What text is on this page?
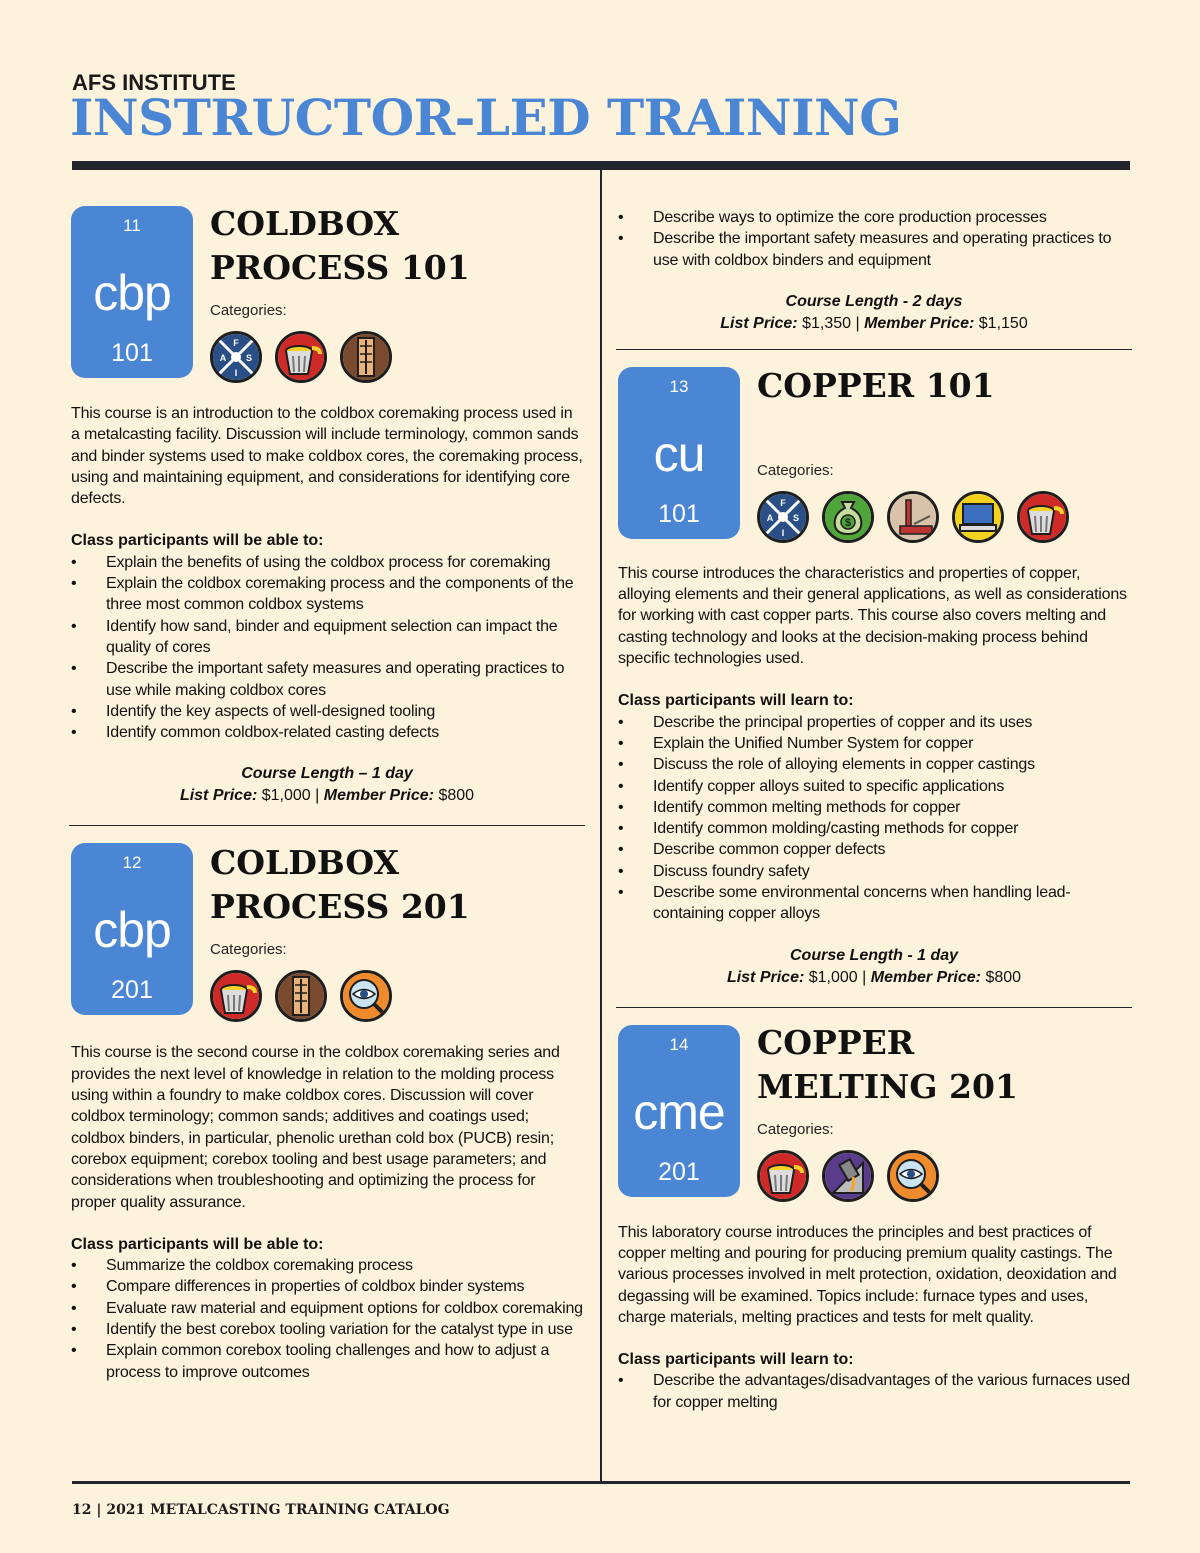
AFS INSTITUTE
INSTRUCTOR-LED TRAINING
11
cbp
101
COLDBOX
PROCESS 101
Categories:
This course is an introduction to the coldbox coremaking process used in a metalcasting facility. Discussion will include terminology, common sands and binder systems used to make coldbox cores, the coremaking process, using and maintaining equipment, and considerations for identifying core defects.
Class participants will be able to:
• Explain the benefits of using the coldbox process for coremaking
• Explain the coldbox coremaking process and the components of the three most common coldbox systems
• Identify how sand, binder and equipment selection can impact the quality of cores
• Describe the important safety measures and operating practices to use while making coldbox cores
• Identify the key aspects of well-designed tooling
• Identify common coldbox-related casting defects
Course Length – 1 day
List Price: $1,000 | Member Price: $800
12
cbp
201
COLDBOX
PROCESS 201
Categories:
This course is the second course in the coldbox coremaking series and provides the next level of knowledge in relation to the molding process using within a foundry to make coldbox cores. Discussion will cover coldbox terminology; common sands; additives and coatings used; coldbox binders, in particular, phenolic urethan cold box (PUCB) resin; corebox equipment; corebox tooling and best usage parameters; and considerations when troubleshooting and optimizing the process for proper quality assurance.
Class participants will be able to:
• Summarize the coldbox coremaking process
• Compare differences in properties of coldbox binder systems
• Evaluate raw material and equipment options for coldbox coremaking
• Identify the best corebox tooling variation for the catalyst type in use
• Explain common corebox tooling challenges and how to adjust a process to improve outcomes
• Describe ways to optimize the core production processes
• Describe the important safety measures and operating practices to use with coldbox binders and equipment
Course Length - 2 days
List Price: $1,350 | Member Price: $1,150
13
cu
101
COPPER 101
Categories:
This course introduces the characteristics and properties of copper, alloying elements and their general applications, as well as considerations for working with cast copper parts. This course also covers melting and casting technology and looks at the decision-making process behind specific technologies used.
Class participants will learn to:
• Describe the principal properties of copper and its uses
• Explain the Unified Number System for copper
• Discuss the role of alloying elements in copper castings
• Identify copper alloys suited to specific applications
• Identify common melting methods for copper
• Identify common molding/casting methods for copper
• Describe common copper defects
• Discuss foundry safety
• Describe some environmental concerns when handling lead-containing copper alloys
Course Length - 1 day
List Price: $1,000 | Member Price: $800
14
cme
201
COPPER
MELTING 201
Categories:
This laboratory course introduces the principles and best practices of copper melting and pouring for producing premium quality castings. The various processes involved in melt protection, oxidation, deoxidation and degassing will be examined. Topics include: furnace types and uses, charge materials, melting practices and tests for melt quality.
Class participants will learn to:
• Describe the advantages/disadvantages of the various furnaces used for copper melting
12 | 2021 METALCASTING TRAINING CATALOG
